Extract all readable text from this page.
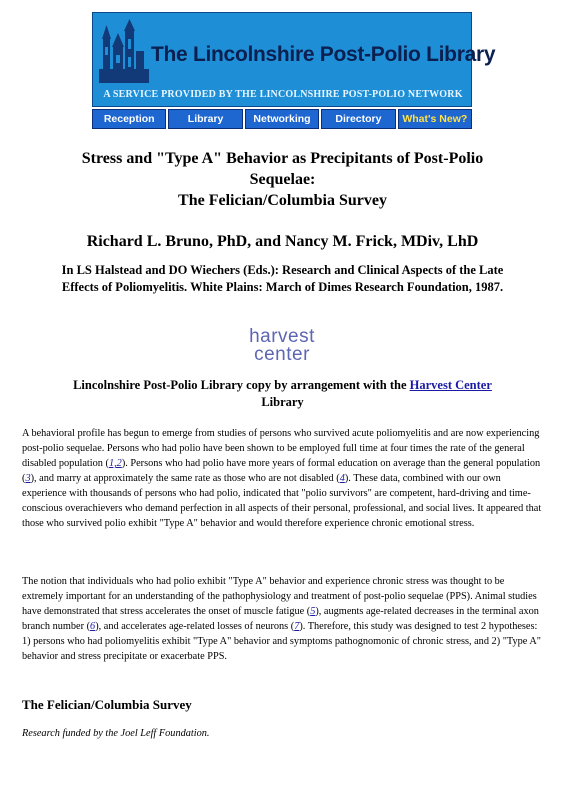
The Lincolnshire Post-Polio Library
A SERVICE PROVIDED BY THE LINCOLNSHIRE POST-POLIO NETWORK
Reception	Library	Networking	Directory	What's New?
Stress and "Type A" Behavior as Precipitants of Post-Polio
Sequelae:
The Felician/Columbia Survey
Richard L. Bruno, PhD, and Nancy M. Frick, MDiv, LhD
In LS Halstead and DO Wiechers (Eds.): Research and Clinical Aspects of the Late
Effects of Poliomyelitis. White Plains: March of Dimes Research Foundation, 1987.
harvest
center
Lincolnshire Post-Polio Library copy by arrangement with the Harvest Center
Library

A behavioral profile has begun to emerge from studies of persons who survived acute poliomyelitis and are now experiencing post-polio sequelae. Persons who had polio have been shown to be employed full time at four times the rate of the general disabled population (1,2). Persons who had polio have more years of formal education on average than the general population (3), and marry at approximately the same rate as those who are not disabled (4). These data, combined with our own experience with thousands of persons who had polio, indicated that "polio survivors" are competent, hard-driving and time-conscious overachievers who demand perfection in all aspects of their personal, professional, and social lives. It appeared that those who survived polio exhibit "Type A" behavior and would therefore experience chronic emotional stress.

The notion that individuals who had polio exhibit "Type A" behavior and experience chronic stress was thought to be extremely important for an understanding of the pathophysiology and treatment of post-polio sequelae (PPS). Animal studies have demonstrated that stress accelerates the onset of muscle fatigue (5), augments age-related decreases in the terminal axon branch number (6), and accelerates age-related losses of neurons (7). Therefore, this study was designed to test 2 hypotheses: 1) persons who had poliomyelitis exhibit "Type A" behavior and symptoms pathognomonic of chronic stress, and 2) "Type A" behavior and stress precipitate or exacerbate PPS.

The Felician/Columbia Survey
Research funded by the Joel Leff Foundation.
